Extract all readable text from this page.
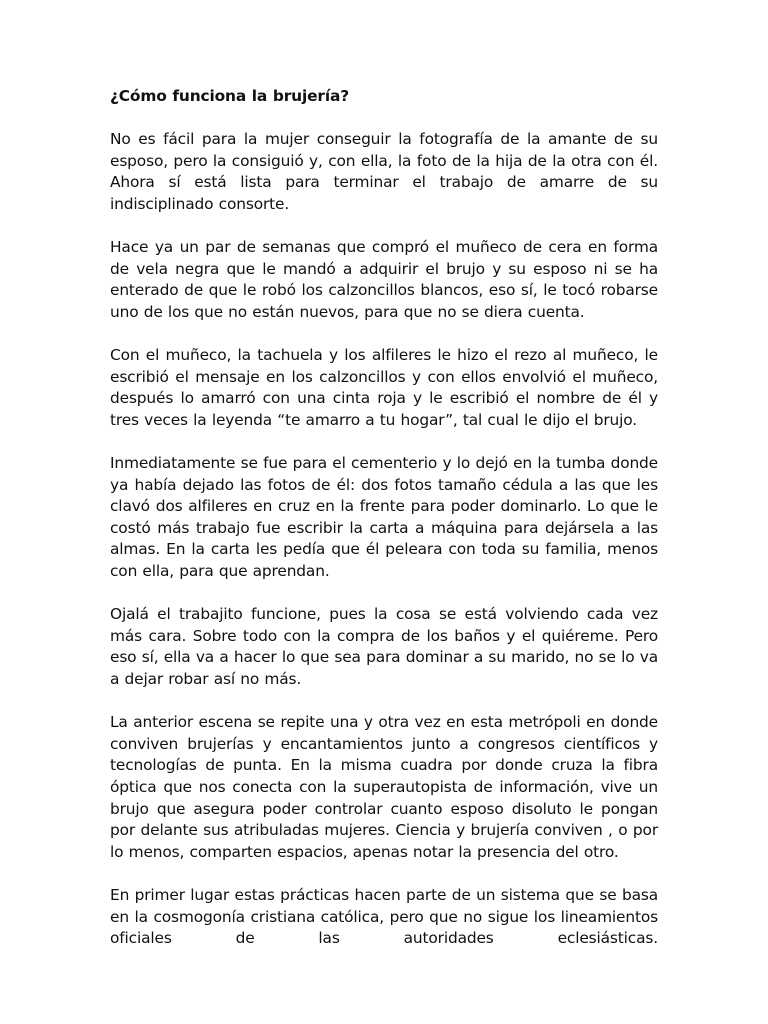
¿Cómo funciona la brujería?

No es fácil para la mujer conseguir la fotografía de la amante de su esposo, pero la consiguió y, con ella, la foto de la hija de la otra con él. Ahora sí está lista para terminar el trabajo de amarre de su indisciplinado consorte.

Hace ya un par de semanas que compró el muñeco de cera en forma de vela negra que le mandó a adquirir el brujo y su esposo ni se ha enterado de que le robó los calzoncillos blancos, eso sí, le tocó robarse uno de los que no están nuevos, para que no se diera cuenta.

Con el muñeco, la tachuela y los alfileres le hizo el rezo al muñeco, le escribió el mensaje en los calzoncillos y con ellos envolvió el muñeco, después lo amarró con una cinta roja y le escribió el nombre de él y tres veces la leyenda “te amarro a tu hogar”, tal cual le dijo el brujo.

Inmediatamente se fue para el cementerio y lo dejó en la tumba donde ya había dejado las fotos de él: dos fotos tamaño cédula a las que les clavó dos alfileres en cruz en la frente para poder dominarlo. Lo que le costó más trabajo fue escribir la carta a máquina para dejársela a las almas. En la carta les pedía que él peleara con toda su familia, menos con ella, para que aprendan.

Ojalá el trabajito funcione, pues la cosa se está volviendo cada vez más cara. Sobre todo con la compra de los baños y el quiéreme. Pero eso sí, ella va a hacer lo que sea para dominar a su marido, no se lo va a dejar robar así no más.

La anterior escena se repite una y otra vez en esta metrópoli en donde conviven brujerías y encantamientos junto a congresos científicos y tecnologías de punta. En la misma cuadra por donde cruza la fibra óptica que nos conecta con la superautopista de información, vive un brujo que asegura poder controlar cuanto esposo disoluto le pongan por delante sus atribuladas mujeres. Ciencia y brujería conviven , o por lo menos, comparten espacios, apenas notar la presencia del otro.

En primer lugar estas prácticas hacen parte de un sistema que se basa en la cosmogonía cristiana católica, pero que no sigue los lineamientos oficiales de las autoridades eclesiásticas.
